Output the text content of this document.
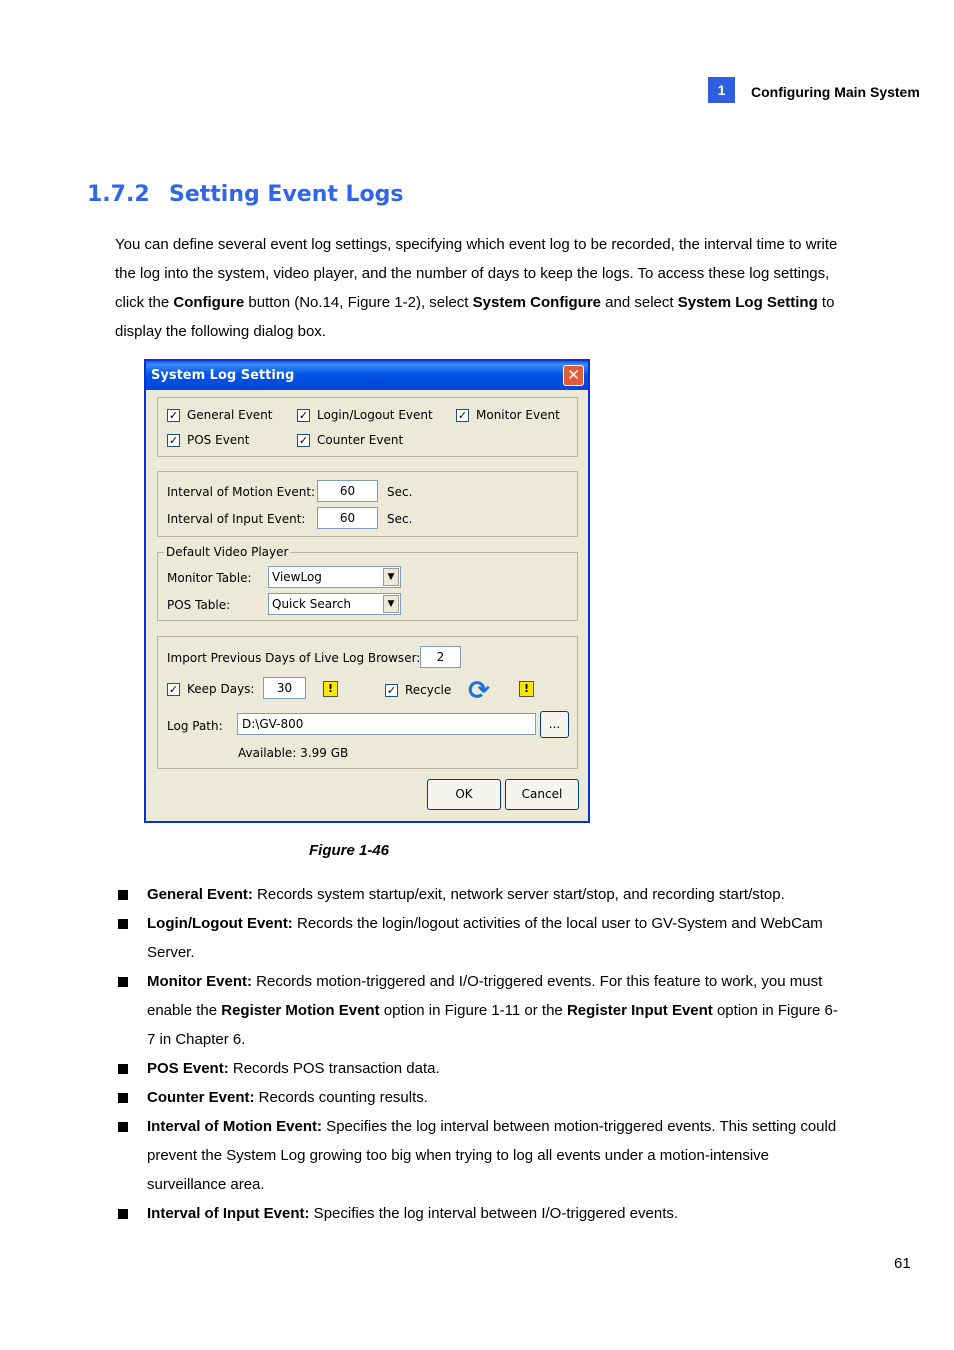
1	Configuring Main System
1.7.2 Setting Event Logs

You can define several event log settings, specifying which event log to be recorded, the interval time to write the log into the system, video player, and the number of days to keep the logs. To access these log settings, click the Configure button (No.14, Figure 1-2), select System Configure and select System Log Setting to display the following dialog box.

System Log Setting	✕
✓ General Event ✓ Login/Logout Event ✓ Monitor Event
✓ POS Event	✓ Counter Event
Interval of Motion Event:	60	Sec.
Interval of Input Event:	60	Sec.
Default Video Player
Monitor Table:	ViewLog	▼
POS Table:	Quick Search	▼
Import Previous Days of Live Log Browser:	2
✓ Keep Days:	30	!	✓ Recycle ⟳	!
Log Path:	D:\GV-800	...
Available: 3.99 GB
OK	Cancel
Figure 1-46
General Event: Records system startup/exit, network server start/stop, and recording start/stop.
Login/Logout Event: Records the login/logout activities of the local user to GV-System and WebCam Server.
Monitor Event: Records motion-triggered and I/O-triggered events. For this feature to work, you must enable the Register Motion Event option in Figure 1-11 or the Register Input Event option in Figure 6-7 in Chapter 6.
POS Event: Records POS transaction data.
Counter Event: Records counting results.
Interval of Motion Event: Specifies the log interval between motion-triggered events. This setting could prevent the System Log growing too big when trying to log all events under a motion-intensive surveillance area.
Interval of Input Event: Specifies the log interval between I/O-triggered events.
61
